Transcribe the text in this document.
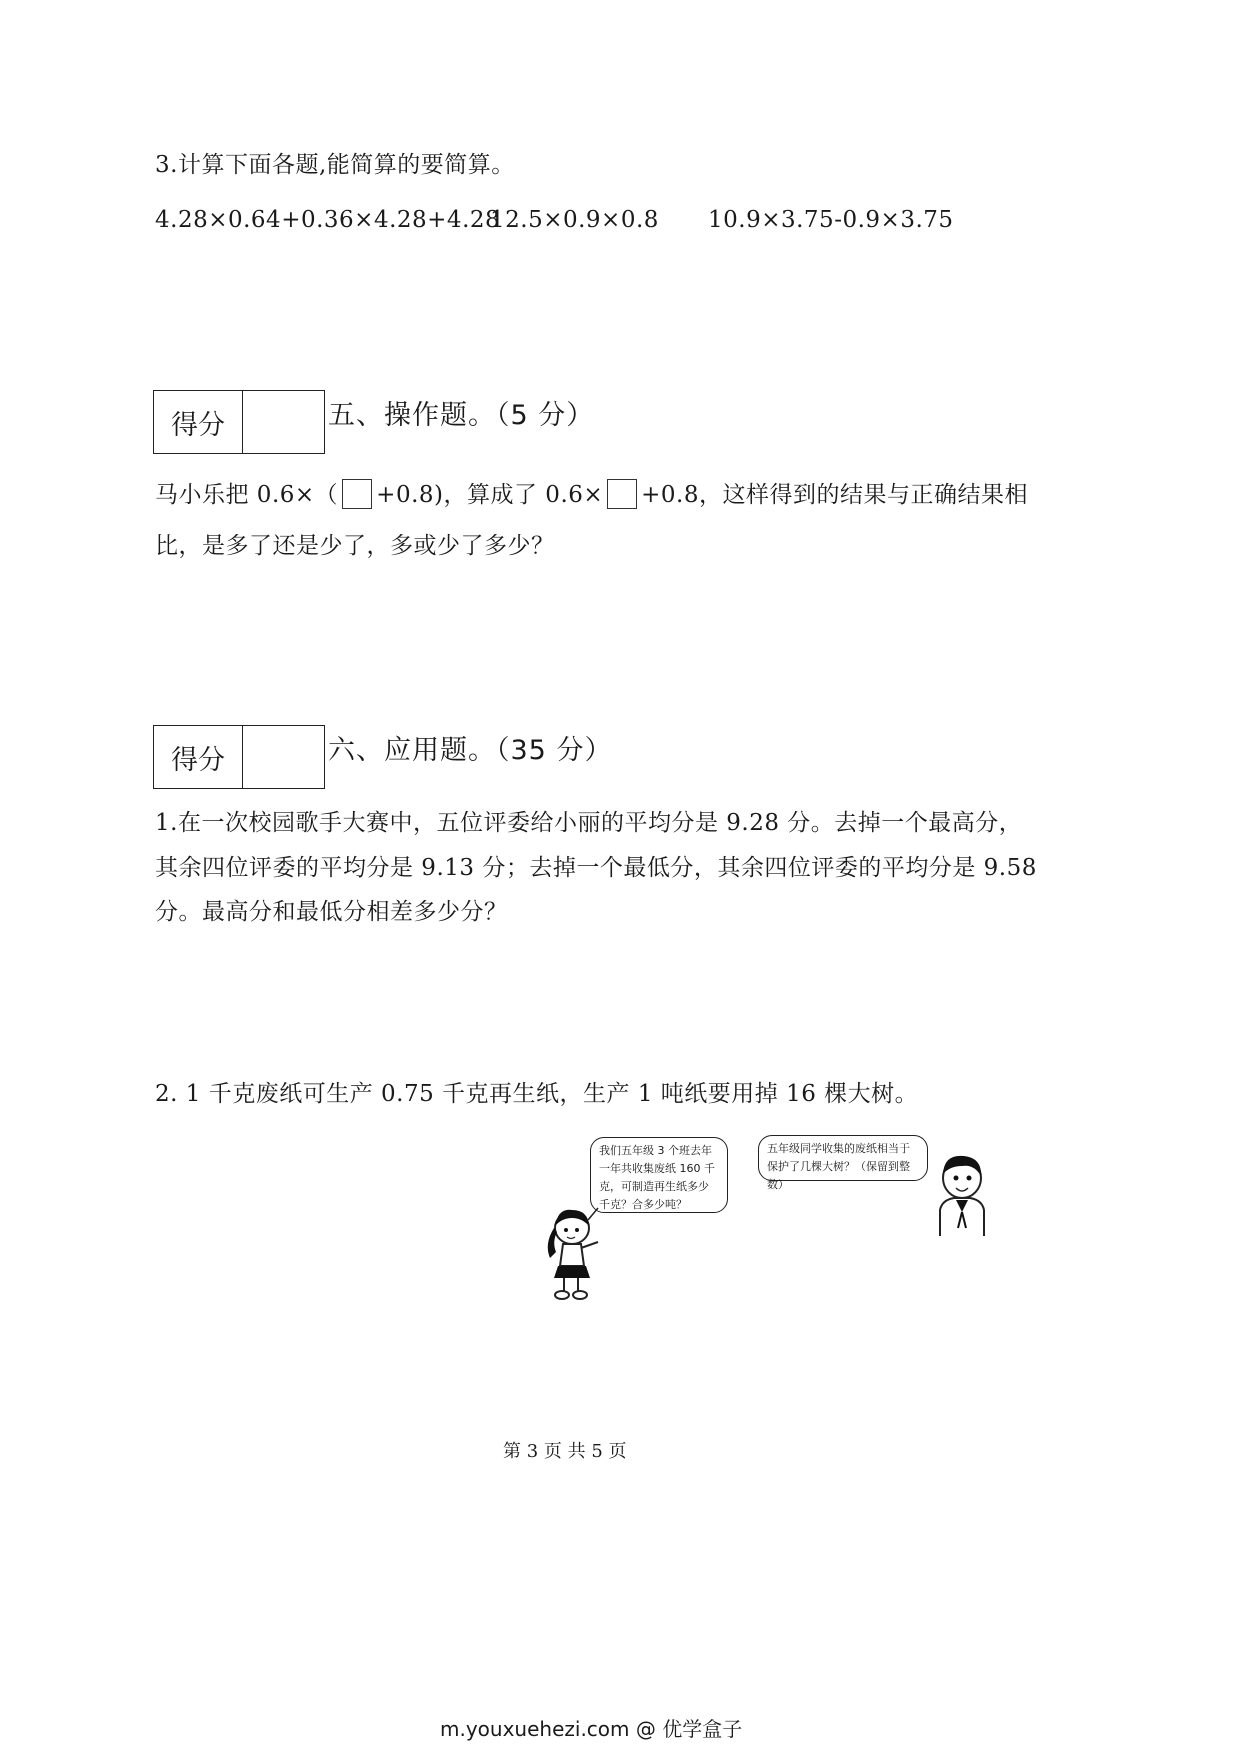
3.计算下面各题,能简算的要简算。
4.28×0.64+0.36×4.28+4.28
12.5×0.9×0.8 10.9×3.75-0.9×3.75
得分	五、操作题。（5 分）
马小乐把 0.6×（ +0.8)，算成了 0.6× +0.8，这样得到的结果与正确结果相
比，是多了还是少了，多或少了多少？
得分	六、应用题。（35 分）
1.在一次校园歌手大赛中，五位评委给小丽的平均分是 9.28 分。去掉一个最高分，
其余四位评委的平均分是 9.13 分；去掉一个最低分，其余四位评委的平均分是 9.58
分。最高分和最低分相差多少分？
2. 1 千克废纸可生产 0.75 千克再生纸，生产 1 吨纸要用掉 16 棵大树。
我们五年级 3 个班去年一年共收集废纸 160 千克，可制造再生纸多少千克？合多少吨？
五年级同学收集的废纸相当于保护了几棵大树？（保留到整数）
第 3 页 共 5 页
m.youxuehezi.com @ 优学盒子
